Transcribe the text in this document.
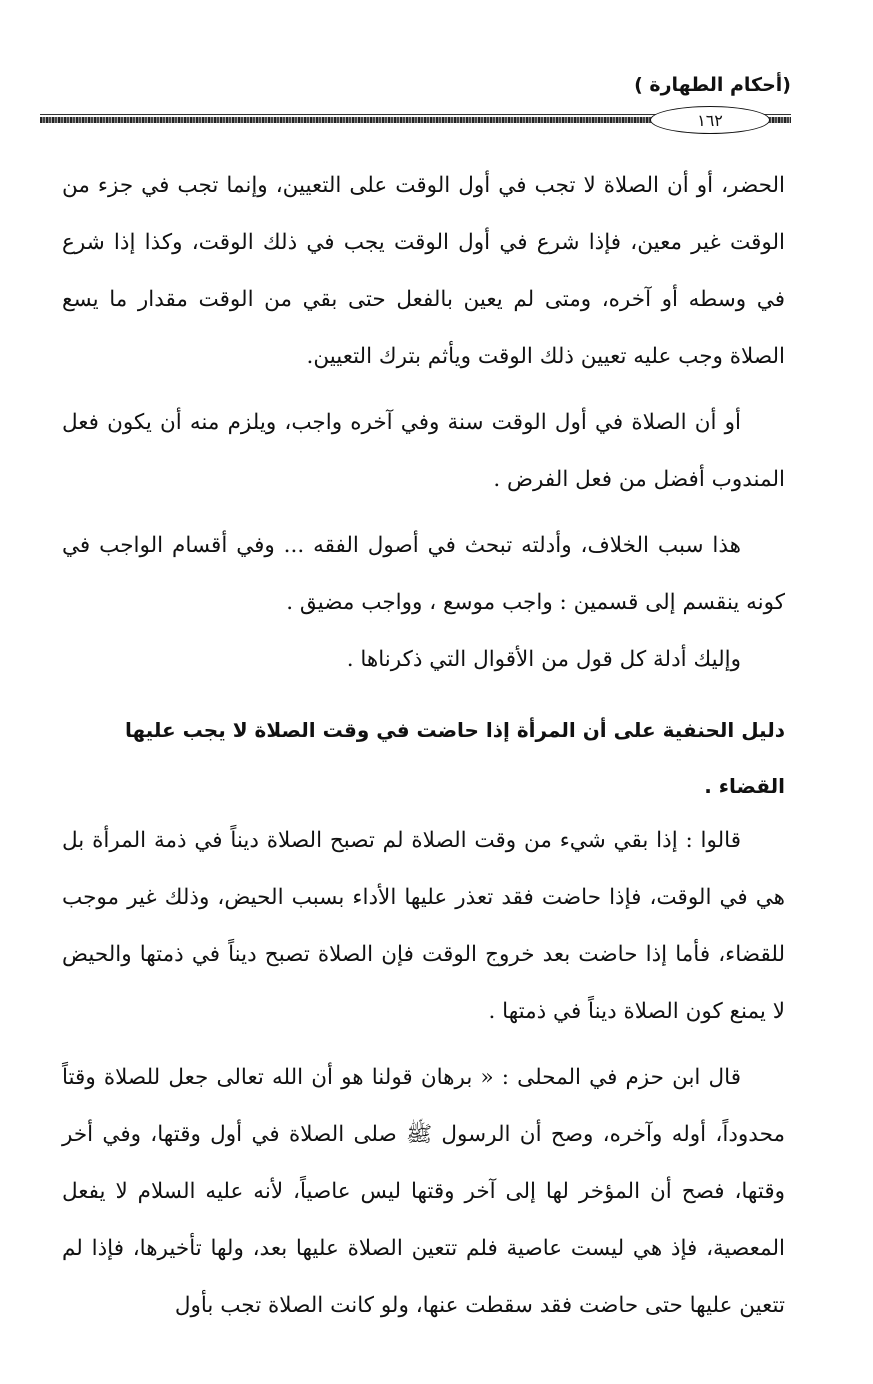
(أحكام الطهارة )
١٦٢

الحضر، أو أن الصلاة لا تجب في أول الوقت على التعيين، وإنما تجب في جزء من الوقت غير معين، فإذا شرع في أول الوقت يجب في ذلك الوقت، وكذا إذا شرع في وسطه أو آخره، ومتى لم يعين بالفعل حتى بقي من الوقت مقدار ما يسع الصلاة وجب عليه تعيين ذلك الوقت ويأثم بترك التعيين.

أو أن الصلاة في أول الوقت سنة وفي آخره واجب، ويلزم منه أن يكون فعل المندوب أفضل من فعل الفرض .

هذا سبب الخلاف، وأدلته تبحث في أصول الفقه ... وفي أقسام الواجب في كونه ينقسم إلى قسمين : واجب موسع ، وواجب مضيق .

وإليك أدلة كل قول من الأقوال التي ذكرناها .

دليل الحنفية على أن المرأة إذا حاضت في وقت الصلاة لا يجب عليها القضاء .

قالوا : إذا بقي شيء من وقت الصلاة لم تصبح الصلاة ديناً في ذمة المرأة بل هي في الوقت، فإذا حاضت فقد تعذر عليها الأداء بسبب الحيض، وذلك غير موجب للقضاء، فأما إذا حاضت بعد خروج الوقت فإن الصلاة تصبح ديناً في ذمتها والحيض لا يمنع كون الصلاة ديناً في ذمتها .

قال ابن حزم في المحلى : « برهان قولنا هو أن الله تعالى جعل للصلاة وقتاً محدوداً، أوله وآخره، وصح أن الرسول ﷺ صلى الصلاة في أول وقتها، وفي أخر وقتها، فصح أن المؤخر لها إلى آخر وقتها ليس عاصياً، لأنه عليه السلام لا يفعل المعصية، فإذ هي ليست عاصية فلم تتعين الصلاة عليها بعد، ولها تأخيرها، فإذا لم تتعين عليها حتى حاضت فقد سقطت عنها، ولو كانت الصلاة تجب بأول
